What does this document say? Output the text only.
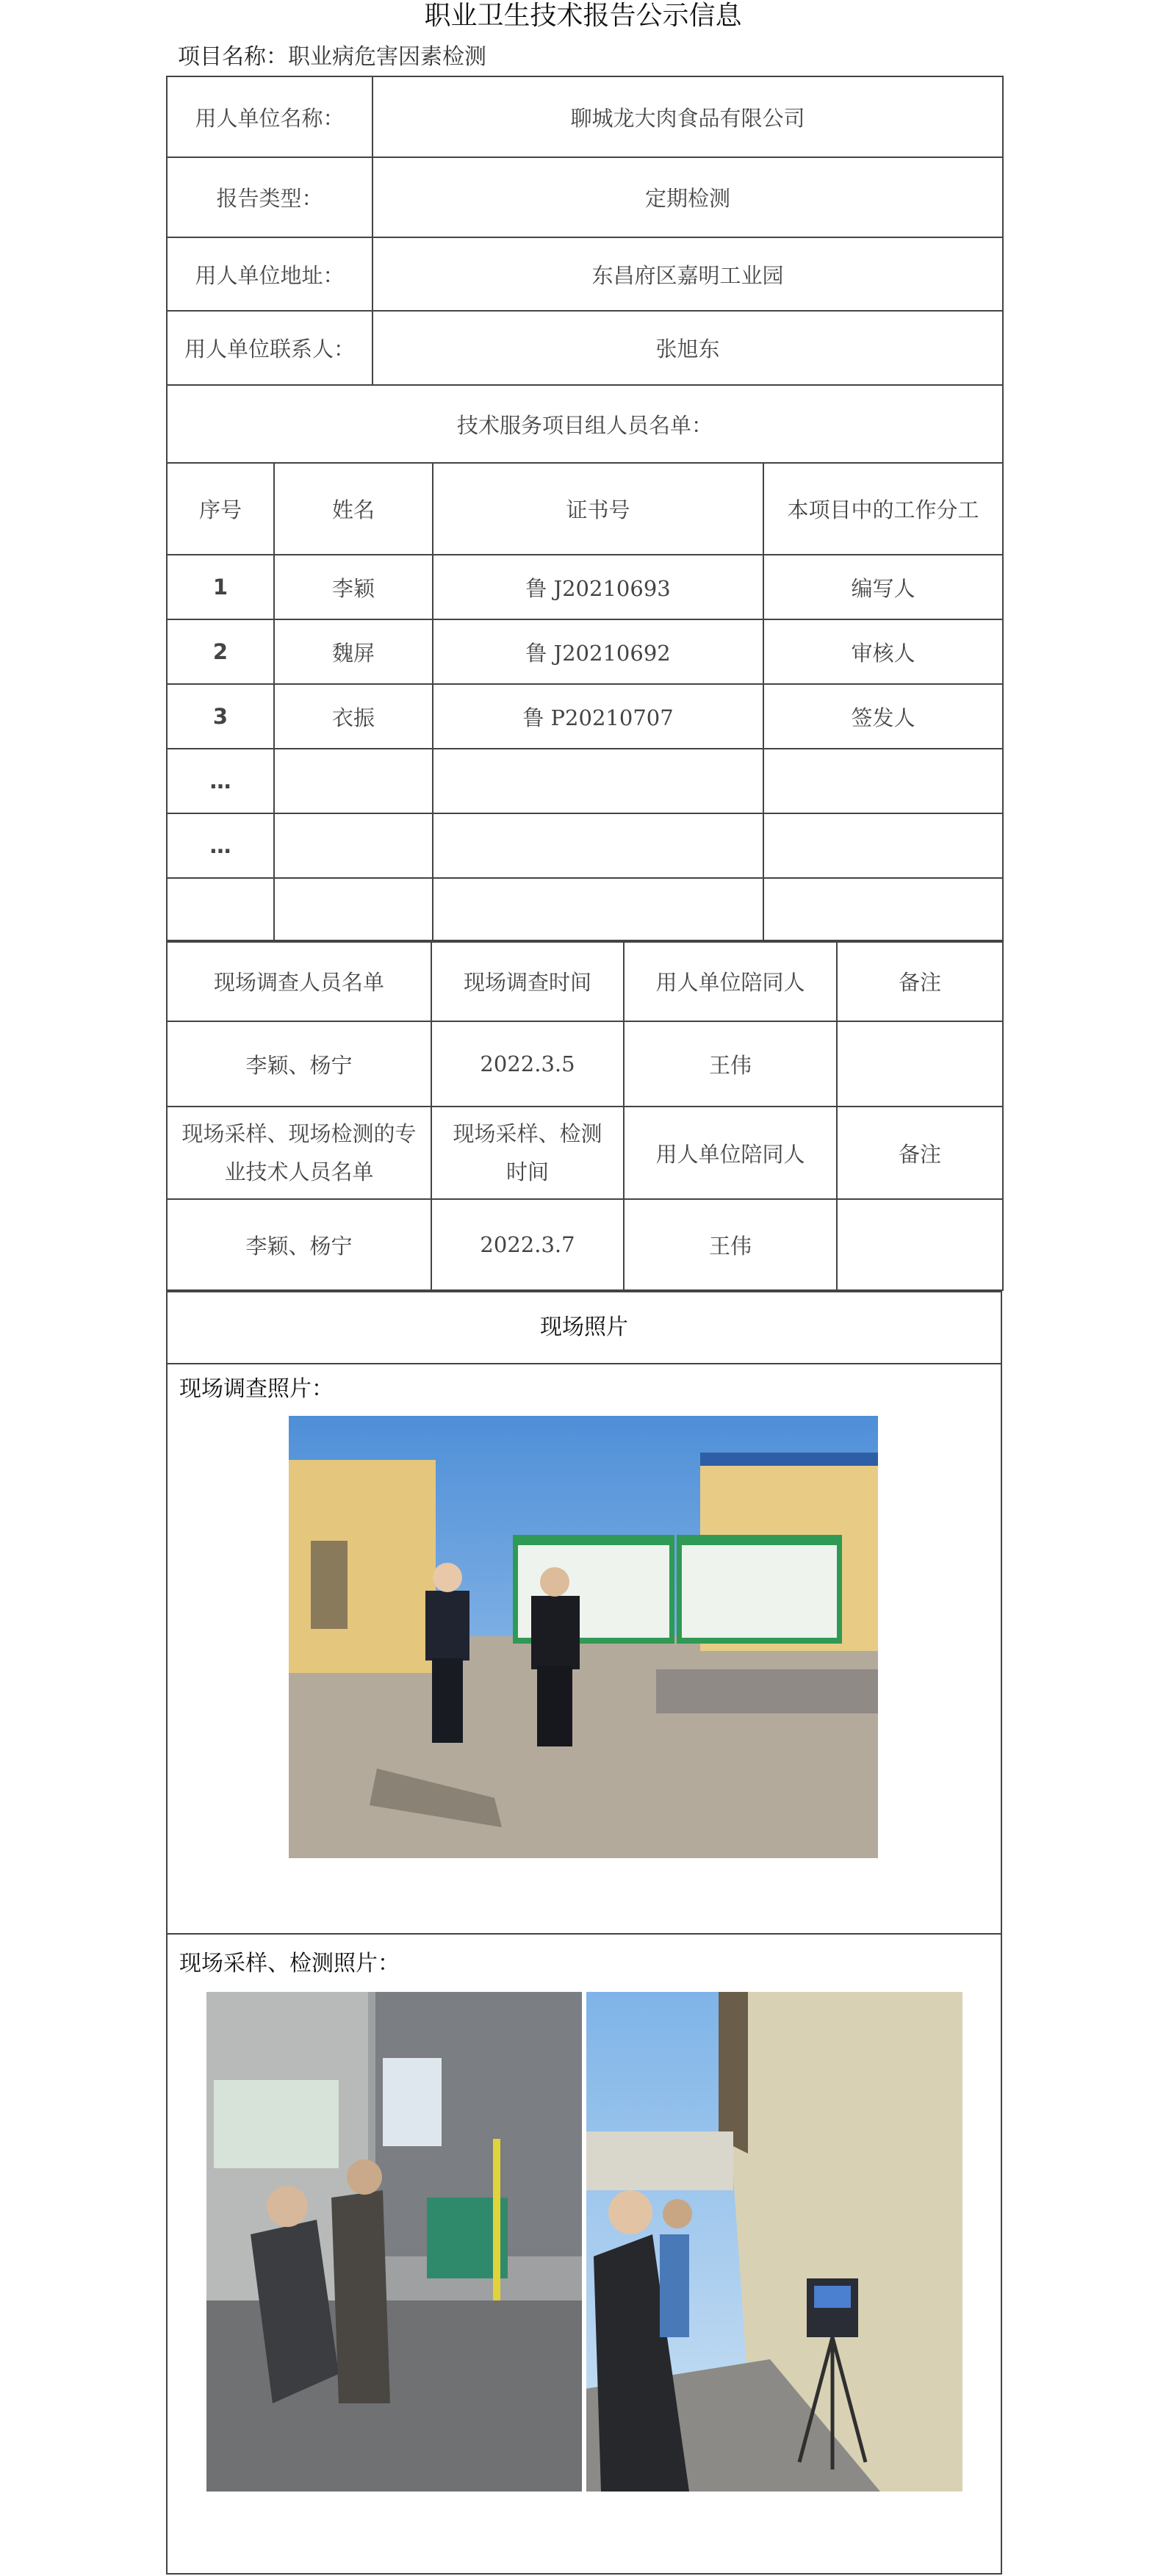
职业卫生技术报告公示信息
项目名称：职业病危害因素检测
用人单位名称：	聊城龙大肉食品有限公司
报告类型：	定期检测
用人单位地址：	东昌府区嘉明工业园
用人单位联系人：	张旭东
技术服务项目组人员名单：			
序号	姓名	证书号	本项目中的工作分工
1	李颖	鲁 J20210693	编写人
2	魏屏	鲁 J20210692	审核人
3	衣振	鲁 P20210707	签发人
…			
…			

现场调查人员名单	现场调查时间	用人单位陪同人	备注
李颖、杨宁	2022.3.5	王伟	
现场采样、现场检测的专业技术人员名单	现场采样、检测时间	用人单位陪同人	备注
李颖、杨宁	2022.3.7	王伟	
现场照片
现场调查照片：
现场采样、检测照片：
